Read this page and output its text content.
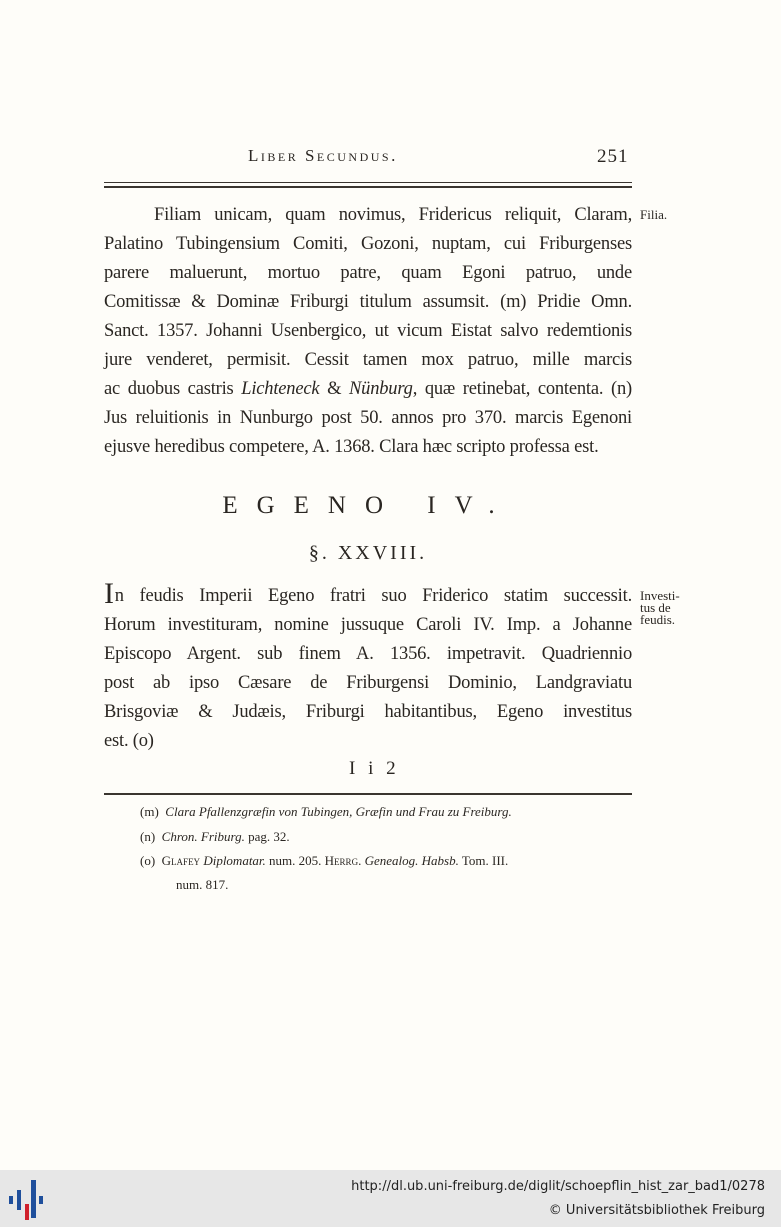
Liber Secundus.	251
Filiam unicam, quam novimus, Fridericus reliquit, Claram,
Palatino Tubingensium Comiti, Gozoni, nuptam, cui Friburgenses
parere maluerunt, mortuo patre, quam Egoni patruo, unde
Comitissæ & Dominæ Friburgi titulum assumsit. (m) Pridie Omn.
Sanct. 1357. Johanni Usenbergico, ut vicum Eistat salvo redemtionis
jure venderet, permisit. Cessit tamen mox patruo, mille marcis
ac duobus castris Lichteneck & Nünburg, quæ retinebat, contenta. (n)
Jus reluitionis in Nunburgo post 50. annos pro 370. marcis Egenoni
ejusve heredibus competere, A. 1368. Clara hæc scripto professa est.
Filia.
EGENO IV.
§. XXVIII.
In feudis Imperii Egeno fratri suo Friderico statim successit.
Horum investituram, nomine jussuque Caroli IV. Imp. a Johanne
Episcopo Argent. sub finem A. 1356. impetravit. Quadriennio
post ab ipso Cæsare de Friburgensi Dominio, Landgraviatu
Brisgoviæ & Judæis, Friburgi habitantibus, Egeno investitus
est. (o)
Investi-
tus de
feudis.
I i 2
(m) Clara Pfallenzgræfin von Tubingen, Græfin und Frau zu Freiburg.
(n) Chron. Friburg. pag. 32.
(o) Glafey Diplomatar. num. 205. Herrg. Genealog. Habsb. Tom. III.
num. 817.
http://dl.ub.uni-freiburg.de/diglit/schoepflin_hist_zar_bad1/0278
© Universitätsbibliothek Freiburg
